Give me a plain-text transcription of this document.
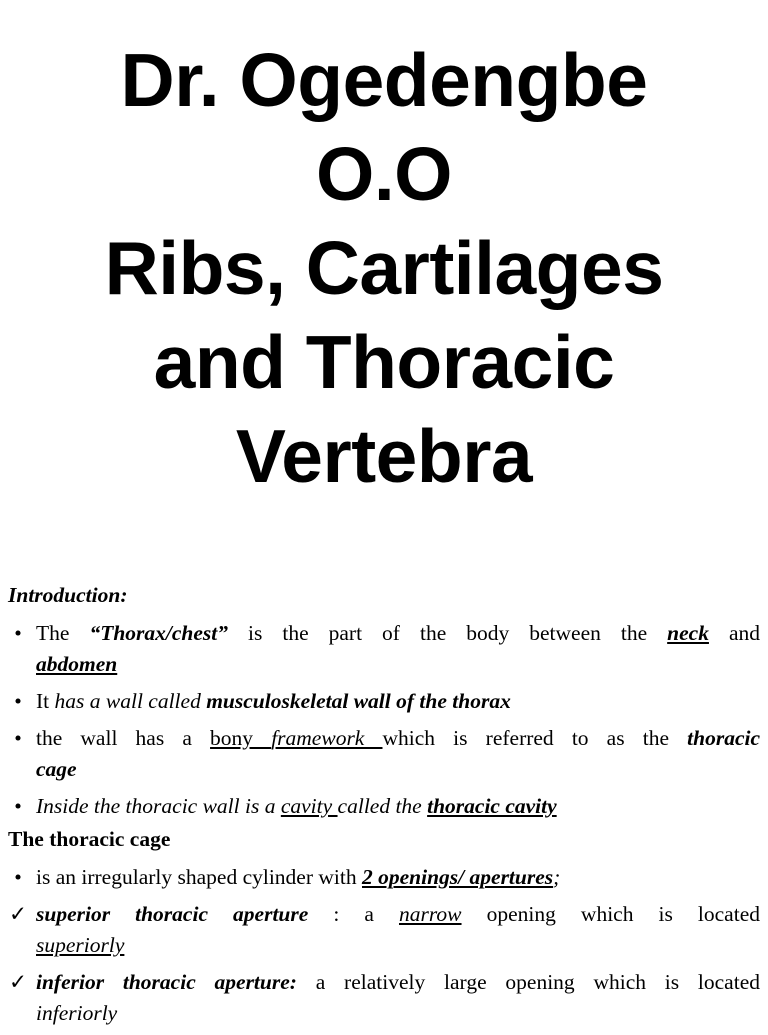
Dr. Ogedengbe
O.O
Ribs, Cartilages
and Thoracic
Vertebra
Introduction:
• The “Thorax/chest” is the part of the body between the neck and
abdomen
• It has a wall called musculoskeletal wall of the thorax
• the wall has a bony framework which is referred to as the thoracic
cage
• Inside the thoracic wall is a cavity called the thoracic cavity
The thoracic cage
• is an irregularly shaped cylinder with 2 openings/ apertures;
✓ superior thoracic aperture : a narrow opening which is located
superiorly
✓ inferior thoracic aperture: a relatively large opening which is located
inferiorly
